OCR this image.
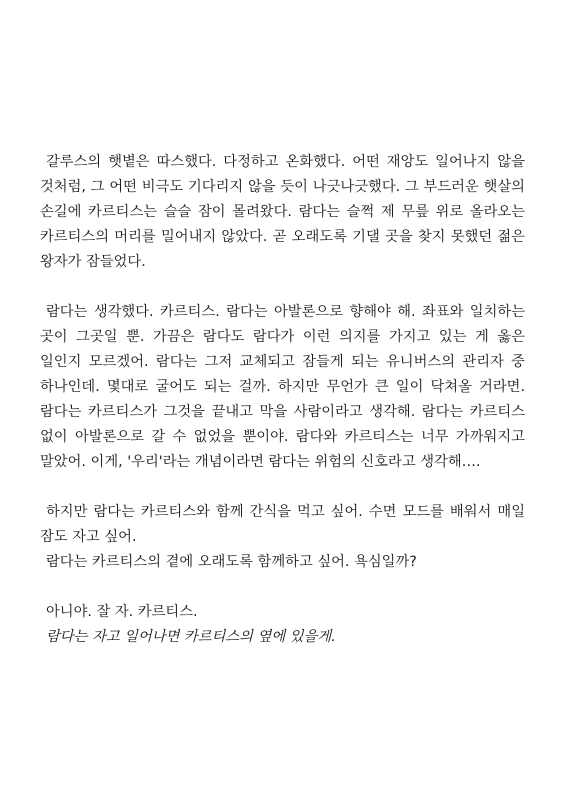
갈루스의 햇볕은 따스했다. 다정하고 온화했다. 어떤 재앙도 일어나지 않을 것처럼, 그 어떤 비극도 기다리지 않을 듯이 나긋나긋했다. 그 부드러운 햇살의 손길에 카르티스는 슬슬 잠이 몰려왔다. 람다는 슬쩍 제 무릎 위로 올라오는 카르티스의 머리를 밀어내지 않았다. 곧 오래도록 기댈 곳을 찾지 못했던 젊은 왕자가 잠들었다.

람다는 생각했다. 카르티스. 람다는 아발론으로 향해야 해. 좌표와 일치하는 곳이 그곳일 뿐. 가끔은 람다도 람다가 이런 의지를 가지고 있는 게 옳은 일인지 모르겠어. 람다는 그저 교체되고 잠들게 되는 유니버스의 관리자 중 하나인데. 몇대로 굴어도 되는 걸까. 하지만 무언가 큰 일이 닥쳐올 거라면. 람다는 카르티스가 그것을 끝내고 막을 사람이라고 생각해. 람다는 카르티스 없이 아발론으로 갈 수 없었을 뿐이야. 람다와 카르티스는 너무 가까워지고 말았어. 이게, '우리'라는 개념이라면 람다는 위험의 신호라고 생각해….

하지만 람다는 카르티스와 함께 간식을 먹고 싶어. 수면 모드를 배워서 매일 잠도 자고 싶어.

람다는 카르티스의 곁에 오래도록 함께하고 싶어. 욕심일까?

아니야. 잘 자. 카르티스.

람다는 자고 일어나면 카르티스의 옆에 있을게.
